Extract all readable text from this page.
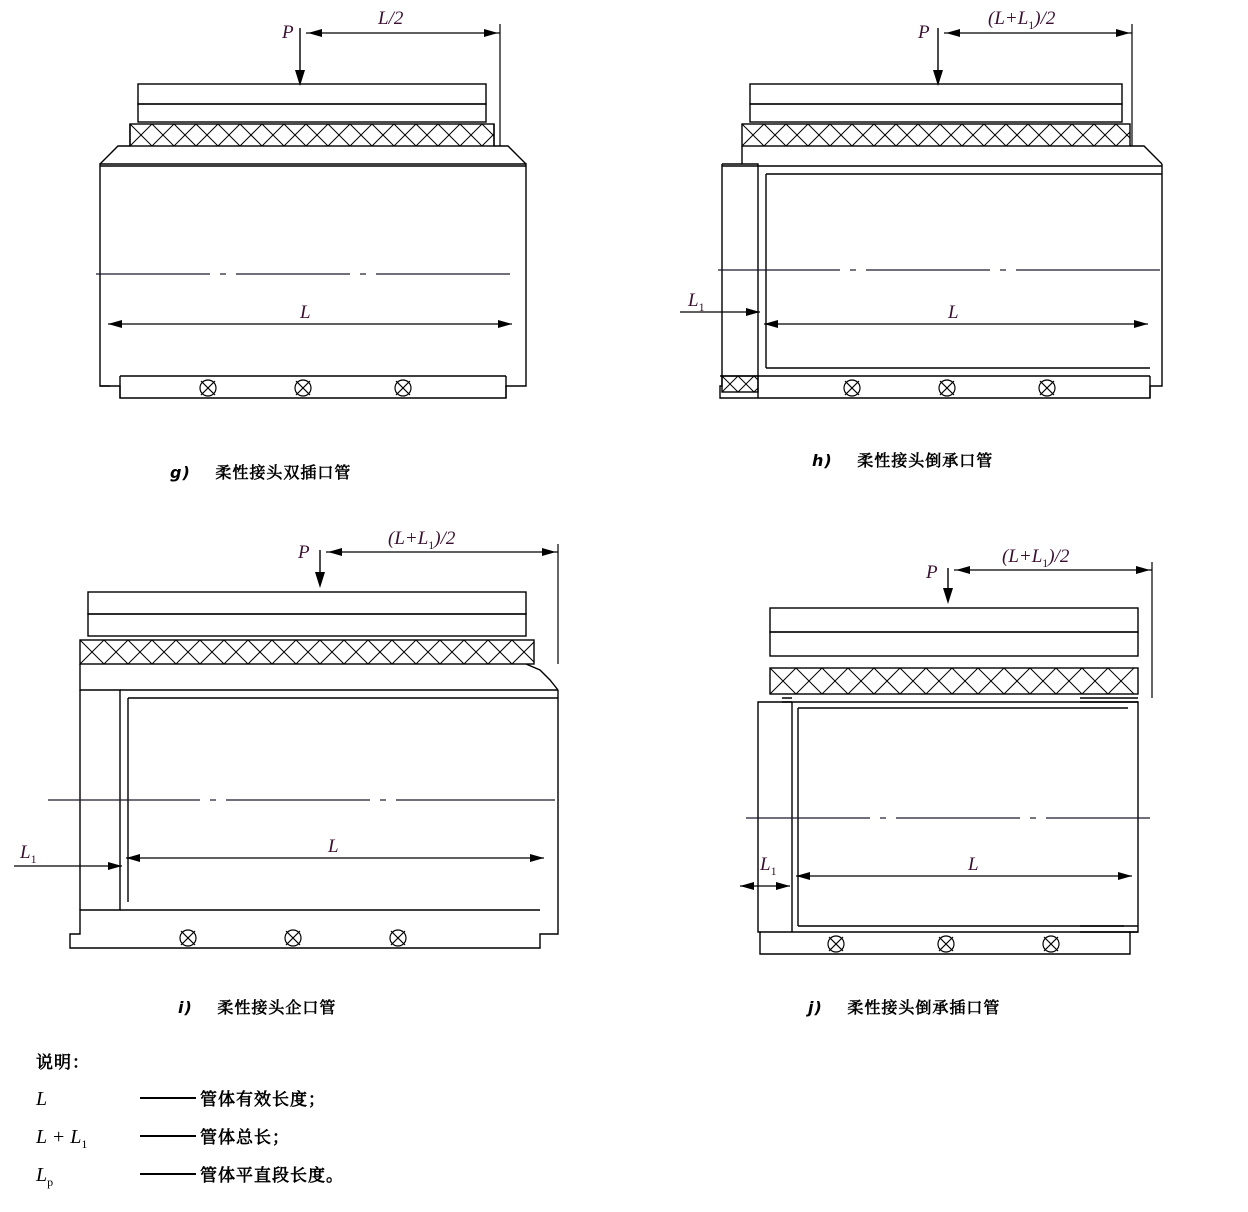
P
L/2
L
g) 柔性接头双插口管
P
$(L+L_1)/2$
L
$L_1$
h) 柔性接头倒承口管
P
$(L+L_1)/2$
L
$L_1$
i) 柔性接头企口管
P
$(L+L_1)/2$
L
$L_1$
j) 柔性接头倒承插口管
说明：
L	管体有效长度；
$L + L_1$	管体总长；
$L_p$	管体平直段长度。
